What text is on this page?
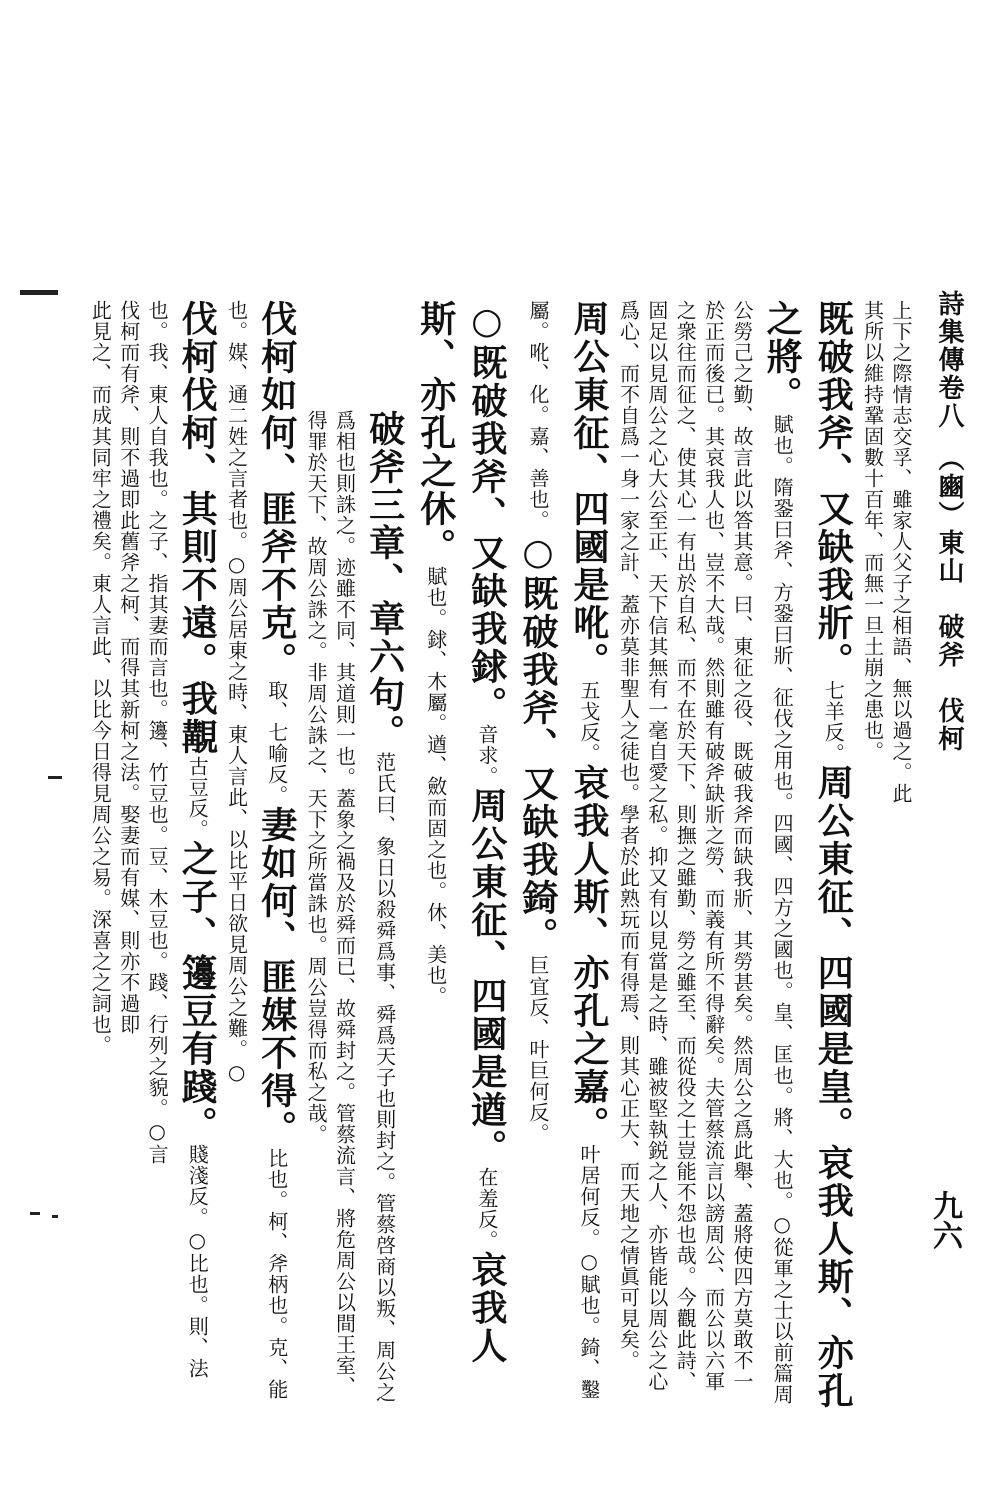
詩集傳卷八　（豳）東山　破斧　伐柯
九六
上下之際情志交孚、雖家人父子之相語、無以過之。此
其所以維持鞏固數十百年、而無一旦土崩之患也。
既破我斧、又缺我斨。七羊反。周公東征、四國是皇。哀我人斯、亦孔之將。賦也。隋銎曰斧、方銎曰斨、征伐之用也。四國、四方之國也。皇、匡也。將、大也。○從軍之士以前篇周公勞己之勤、故言此以答其意。曰、東征之役、既破我斧而缺我斨、其勞甚矣。然周公之爲此舉、蓋將使四方莫敢不一於正而後已。其哀我人也、豈不大哉。然則雖有破斧缺斨之勞、而義有所不得辭矣。夫管蔡流言以謗周公、而公以六軍之衆往而征之、使其心一有出於自私、而不在於天下、則撫之雖勤、勞之雖至、而從役之士豈能不怨也哉。今觀此詩、固足以見周公之心大公至正、天下信其無有一毫自愛之私。抑又有以見當是之時、雖被堅執鋭之人、亦皆能以周公之心爲心、而不自爲一身一家之計、蓋亦莫非聖人之徒也。學者於此熟玩而有得焉、則其心正大、而天地之情眞可見矣。
周公東征、四國是吪。五戈反。哀我人斯、亦孔之嘉。叶居何反。○賦也。錡、鑿屬。吪、化。嘉、善也。○既破我斧、又缺我錡。巨宜反、叶巨何反。
○既破我斧、又缺我銶。音求。周公東征、四國是遒。在羞反。哀我人斯、亦孔之休。賦也。銶、木屬。遒、斂而固之也。休、美也。
破斧三章、章六句。范氏曰、象日以殺舜爲事、舜爲天子也則封之。管蔡啓商以叛、周公之爲相也則誅之。迹雖不同、其道則一也。蓋象之禍及於舜而已、故舜封之。管蔡流言、將危周公以間王室、得罪於天下、故周公誅之。非周公誅之、天下之所當誅也。周公豈得而私之哉。
伐柯如何、匪斧不克。取、七喻反。妻如何、匪媒不得。比也。柯、斧柄也。克、能也。媒、通二姓之言者也。○周公居東之時、東人言此、以比平日欲見周公之難。○
伐柯伐柯、其則不遠。我覯古豆反。之子、籩豆有踐。賤淺反。○比也。則、法也。我、東人自我也。之子、指其妻而言也。籩、竹豆也。豆、木豆也。踐、行列之貌。○言
伐柯而有斧、則不過即此舊斧之柯、而得其新柯之法。娶妻而有媒、則亦不過即
此見之、而成其同牢之禮矣。東人言此、以比今日得見周公之易。深喜之之詞也。
